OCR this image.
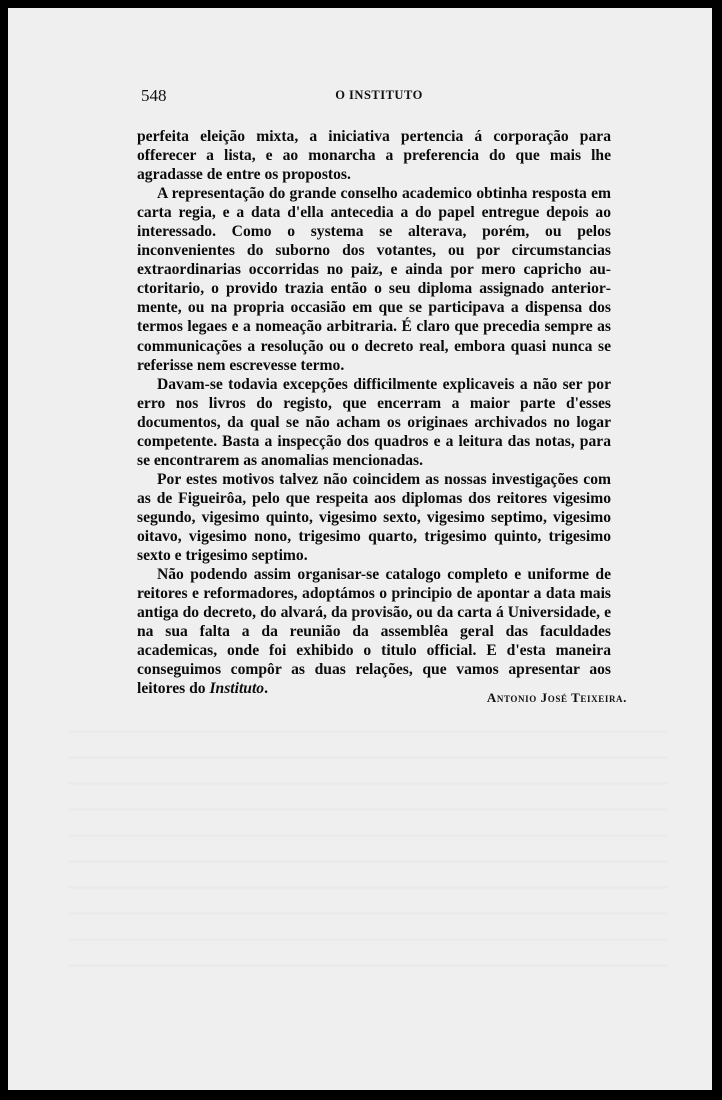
548	O INSTITUTO

perfeita eleição mixta, a iniciativa pertencia á corporação para offerecer a lista, e ao monarcha a preferencia do que mais lhe agradasse de entre os propostos.

A representação do grande conselho academico obtinha resposta em carta regia, e a data d'ella antecedia a do papel entregue depois ao interessado. Como o systema se alterava, porém, ou pelos inconvenientes do suborno dos votantes, ou por circumstancias extraordinarias occorridas no paiz, e ainda por mero capricho auctoritario, o provido trazia então o seu diploma assignado anteriormente, ou na propria occasião em que se participava a dispensa dos termos legaes e a nomeação arbitraria. É claro que precedia sempre as communicações a resolução ou o decreto real, embora quasi nunca se referisse nem escrevesse termo.

Davam-se todavia excepções difficilmente explicaveis a não ser por erro nos livros do registo, que encerram a maior parte d'esses documentos, da qual se não acham os originaes archivados no logar competente. Basta a inspecção dos quadros e a leitura das notas, para se encontrarem as anomalias mencionadas.

Por estes motivos talvez não coincidem as nossas investigações com as de Figueirôa, pelo que respeita aos diplomas dos reitores vigesimo segundo, vigesimo quinto, vigesimo sexto, vigesimo septimo, vigesimo oitavo, vigesimo nono, trigesimo quarto, trigesimo quinto, trigesimo sexto e trigesimo septimo.

Não podendo assim organisar-se catalogo completo e uniforme de reitores e reformadores, adoptámos o principio de apontar a data mais antiga do decreto, do alvará, da provisão, ou da carta á Universidade, e na sua falta a da reunião da assemblêa geral das faculdades academicas, onde foi exhibido o titulo official. E d'esta maneira conseguimos compôr as duas relações, que vamos apresentar aos leitores do Instituto.

Antonio José Teixeira.
